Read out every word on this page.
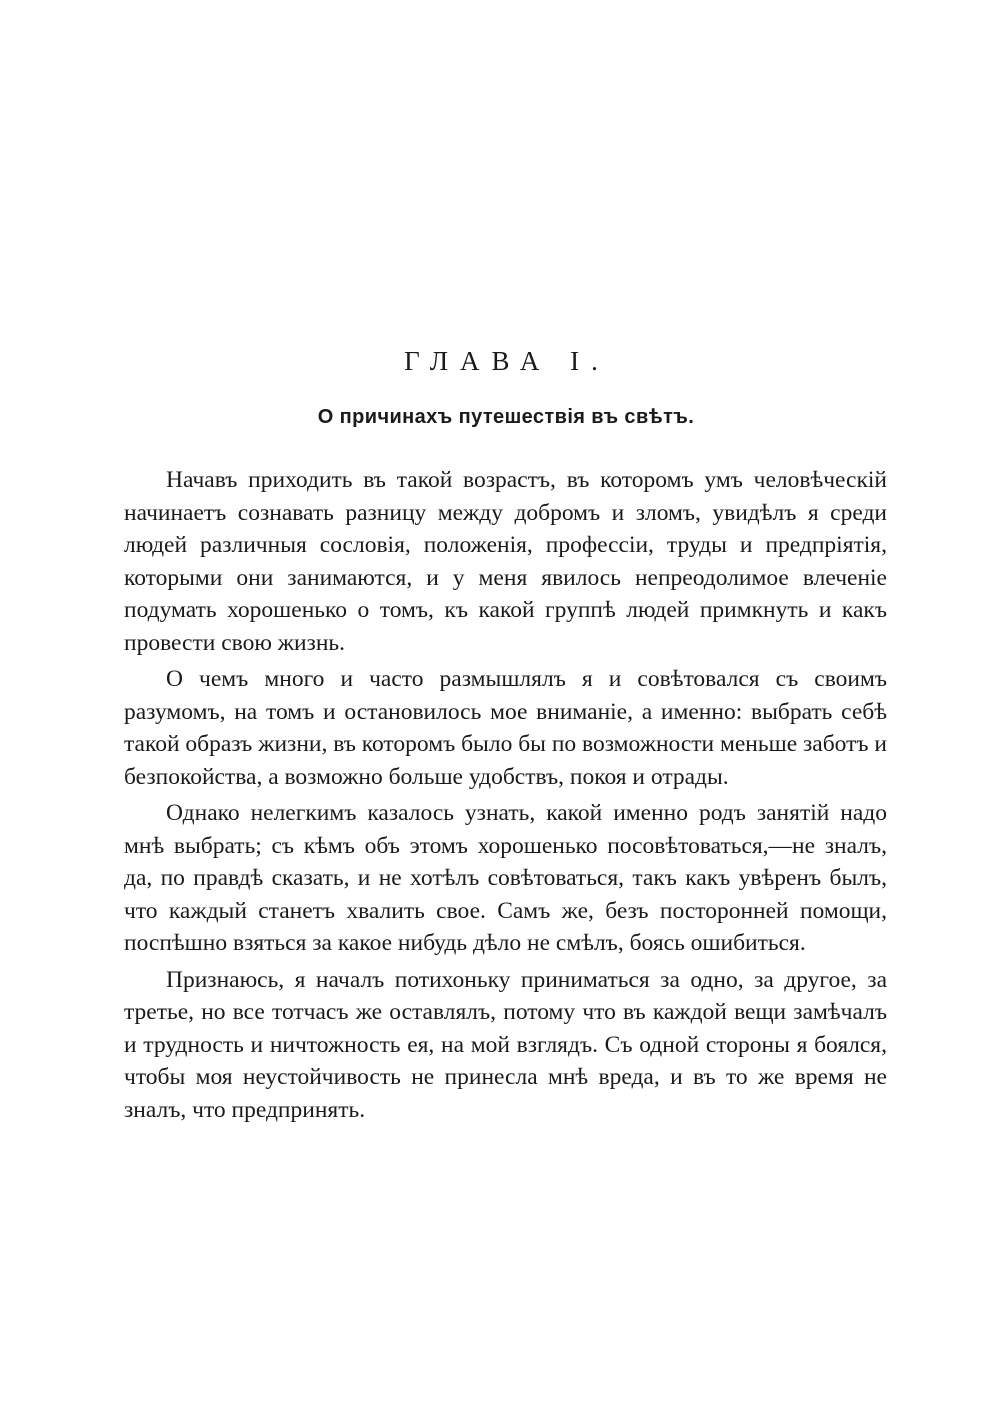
ГЛАВА I.
О причинахъ путешествія въ свѣтъ.

Начавъ приходить въ такой возрастъ, въ которомъ умъ человѣческій начинаетъ сознавать разницу между добромъ и зломъ, увидѣлъ я среди людей различныя сословія, положенія, профессіи, труды и предпріятія, которыми они занимаются, и у меня явилось непреодолимое влеченіе подумать хорошенько о томъ, къ какой группѣ людей примкнуть и какъ провести свою жизнь.

О чемъ много и часто размышлялъ я и совѣтовался съ своимъ разумомъ, на томъ и остановилось мое вниманіе, а именно: выбрать себѣ такой образъ жизни, въ которомъ было бы по возможности меньше заботъ и безпокойства, а возможно больше удобствъ, покоя и отрады.

Однако нелегкимъ казалось узнать, какой именно родъ занятій надо мнѣ выбрать; съ кѣмъ объ этомъ хорошенько посовѣтоваться,—не зналъ, да, по правдѣ сказать, и не хотѣлъ совѣтоваться, такъ какъ увѣренъ былъ, что каждый станетъ хвалить свое. Самъ же, безъ посторонней помощи, поспѣшно взяться за какое нибудь дѣло не смѣлъ, боясь ошибиться.

Признаюсь, я началъ потихоньку приниматься за одно, за другое, за третье, но все тотчасъ же оставлялъ, потому что въ каждой вещи замѣчалъ и трудность и ничтожность ея, на мой взглядъ. Съ одной стороны я боялся, чтобы моя неустойчивость не принесла мнѣ вреда, и въ то же время не зналъ, что предпринять.
